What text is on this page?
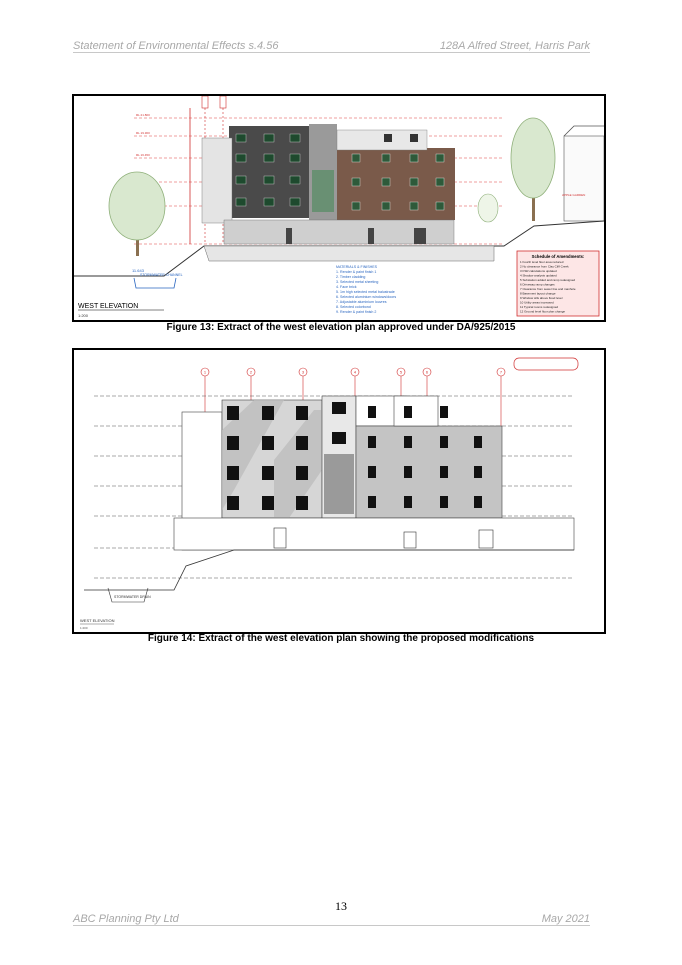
Statement of Environmental Effects s.4.56	128A Alfred Street, Harris Park
RL 21.800
RL 19.300
RL 16.450
APPLE GARDEN
STORMWATER CHANNEL
11.643
MATERIALS & FINISHES
1. Render & paint finish 1
2. Timber cladding
3. Selected metal sheeting
4. Face brick
5. 1m high selected metal balustrade
6. Selected aluminium windows/doors
7. Adjustable aluminium louvres
8. Selected colorbond
9. Render & paint finish 2
Schedule of Amendments:
1 Fourth level floor area reduced
2 No clearance from Clay Cliff Creek
3 FSR calculations updated
4 Shadow analysis updated
5 Substation added and ramp redesigned
6 Driveway ramp changes
7 Clearance from sewer line and manhole
8 Basement layout change
9 Window sills above flood level
10 Utility areas increased
11 Typical rooms redesigned
12 Ground level floor plan change
WEST ELEVATION
1:200
Figure 13: Extract of the west elevation plan approved under DA/925/2015
1	2	3	4	5	6	7
STORMWATER DRAIN
WEST ELEVATION
1:200
Figure 14: Extract of the west elevation plan showing the proposed modifications
13
ABC Planning Pty Ltd	May 2021
